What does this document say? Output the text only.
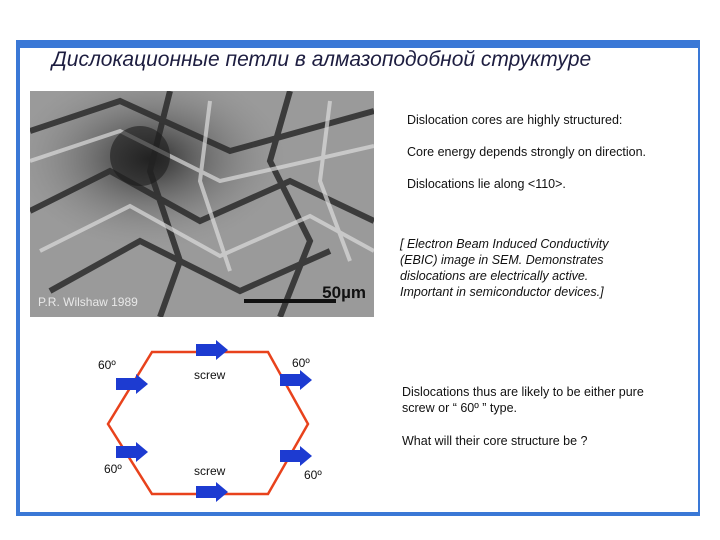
Дислокационные петли в алмазоподобной структуре
P.R. Wilshaw 1989	50µm
Dislocation cores are highly structured:
Core energy depends strongly on direction.
Dislocations lie along <110>.
[ Electron Beam Induced Conductivity
(EBIC) image in SEM. Demonstrates
dislocations are electrically active.
Important in semiconductor devices.]
60º	60º
60º	60º
screw
screw
Dislocations thus are likely to be either pure
screw or “ 60º ” type.
What will their core structure be ?
